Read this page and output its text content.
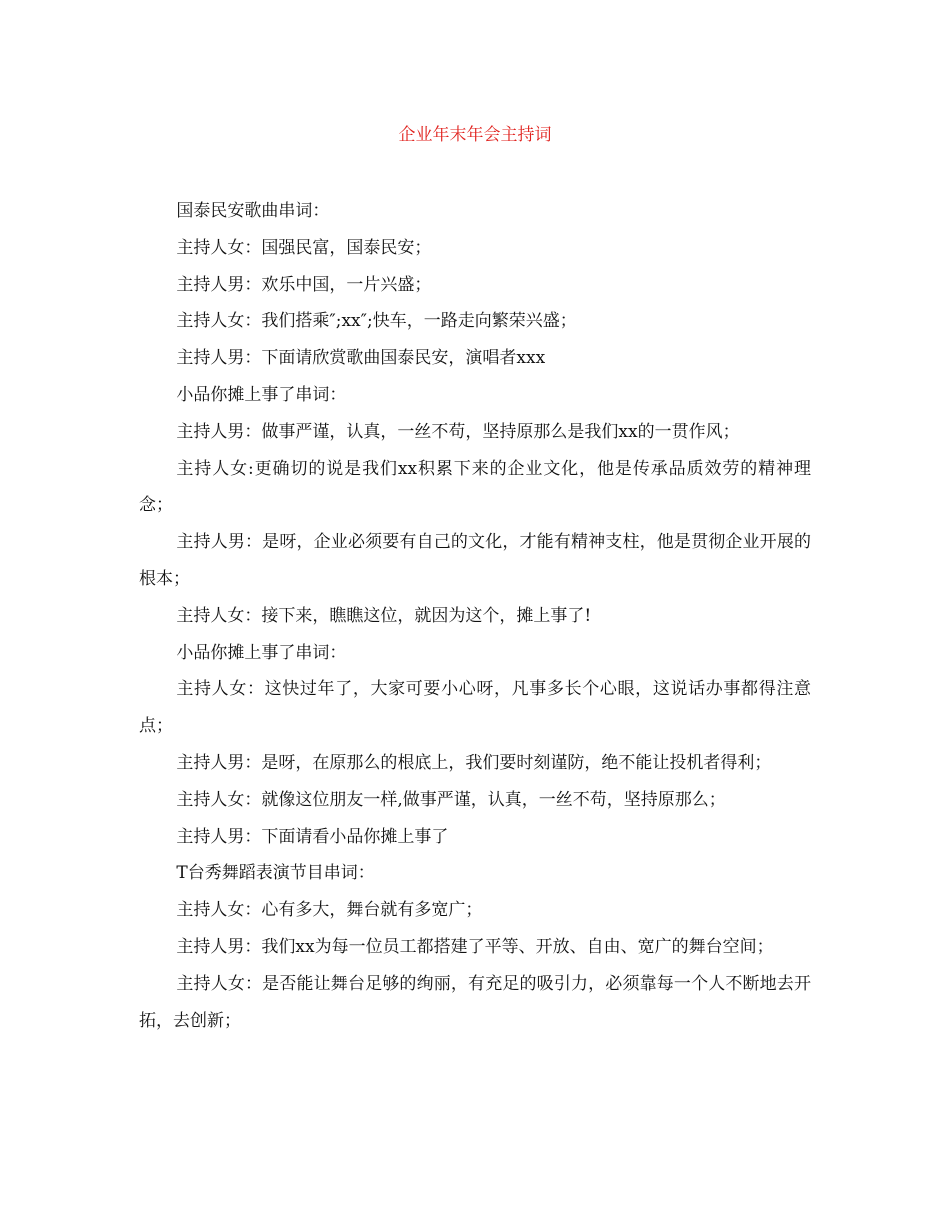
企业年末年会主持词

国泰民安歌曲串词：

主持人女：国强民富，国泰民安；

主持人男：欢乐中国，一片兴盛；

主持人女：我们搭乘″;xx″;快车，一路走向繁荣兴盛；

主持人男：下面请欣赏歌曲国泰民安，演唱者xxx

小品你摊上事了串词：

主持人男：做事严谨，认真，一丝不苟，坚持原那么是我们xx的一贯作风；

主持人女:更确切的说是我们xx积累下来的企业文化，他是传承品质效劳的精神理念；

主持人男：是呀，企业必须要有自己的文化，才能有精神支柱，他是贯彻企业开展的根本；

主持人女：接下来，瞧瞧这位，就因为这个，摊上事了!

小品你摊上事了串词：

主持人女：这快过年了，大家可要小心呀，凡事多长个心眼，这说话办事都得注意点；

主持人男：是呀，在原那么的根底上，我们要时刻谨防，绝不能让投机者得利；

主持人女：就像这位朋友一样,做事严谨，认真，一丝不苟，坚持原那么；

主持人男：下面请看小品你摊上事了

T台秀舞蹈表演节目串词：

主持人女：心有多大，舞台就有多宽广；

主持人男：我们xx为每一位员工都搭建了平等、开放、自由、宽广的舞台空间；

主持人女：是否能让舞台足够的绚丽，有充足的吸引力，必须靠每一个人不断地去开拓，去创新；
